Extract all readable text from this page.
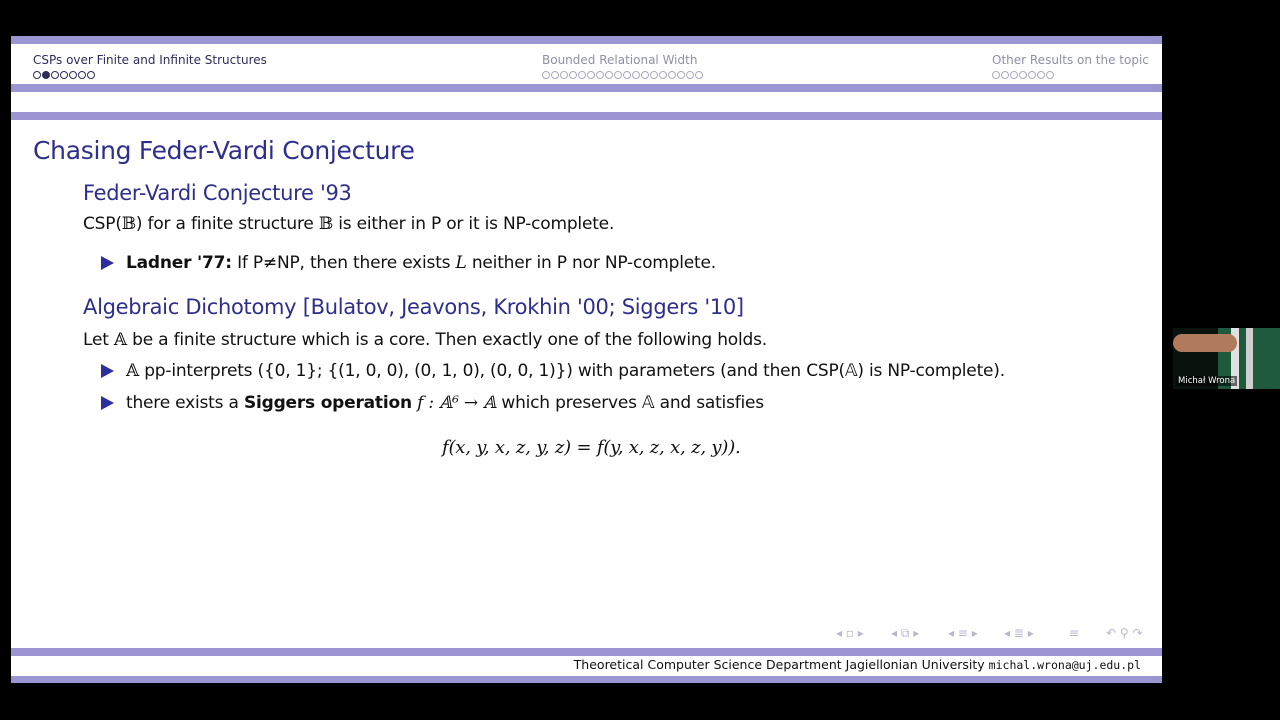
CSPs over Finite and Infinite Structures	Bounded Relational Width	Other Results on the topic
Chasing Feder-Vardi Conjecture
Feder-Vardi Conjecture '93
CSP(𝔹) for a finite structure 𝔹 is either in P or it is NP-complete.
Ladner '77: If P≠NP, then there exists L neither in P nor NP-complete.
Algebraic Dichotomy [Bulatov, Jeavons, Krokhin '00; Siggers '10]
Let 𝔸 be a finite structure which is a core. Then exactly one of the following holds.
𝔸 pp-interprets ({0, 1}; {(1, 0, 0), (0, 1, 0), (0, 0, 1)}) with parameters (and then CSP(𝔸) is NP-complete).
there exists a Siggers operation f : 𝔸⁶ → 𝔸 which preserves 𝔸 and satisfies
f(x, y, x, z, y, z) = f(y, x, z, x, z, y)).
◂ ▫ ▸ ◂ ⧉ ▸ ◂ ≡ ▸ ◂ ≣ ▸	≡ ↶ ⚲ ↷
Theoretical Computer Science Department Jagiellonian University michal.wrona@uj.edu.pl
Michał Wrona
